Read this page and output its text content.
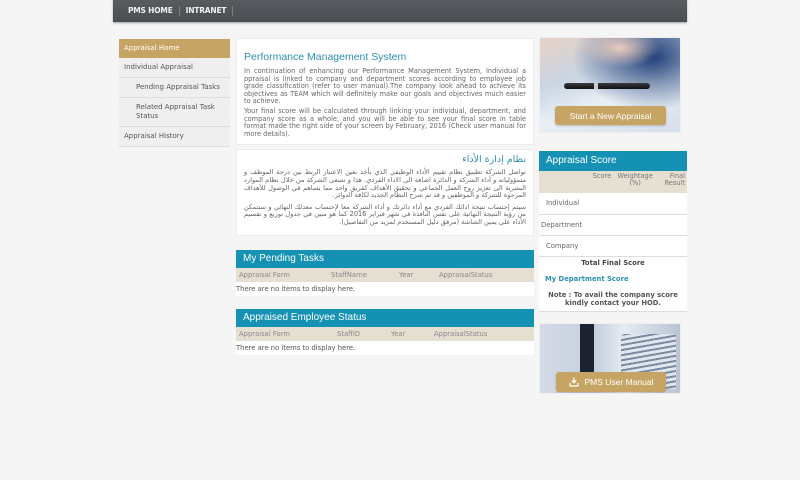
PMS HOME	INTRANET
Appraisal Home
Individual Appraisal
Pending Appraisal Tasks
Related Appraisal Task Status
Appraisal History
Performance Management System

In continuation of enhancing our Performance Management System, Individual a ppraisal is linked to company and department scores according to employee job grade classification (refer to user manual).The company look ahead to achieve its objectives as TEAM which will definitely make our goals and objectives much easier to achieve.

Your final score will be calculated through linking your individual, department, and company score as a whole, and you will be able to see your final score in table format made the right side of your screen by February, 2016 (Check user manual for more details).

نظام إدارة الأداء

تواصل الشركة تطبيق نظام تقييم الأداء الوظيفي الذي يأخذ بعين الاعتبار الربط بين درجة الموظف و مسؤولياته و أداء الشركة و الدائرة اضافة الى الاداء الفردي. هذا و تسعى الشركة من خلال نظام الموارد البشرية الى تعزيز روح العمل الجماعي و تحقيق الأهداف كفريق واحد مما يساهم في الوصول للأهداف المرجوة للشركة و الموظفين و قد تم شرح النظام الجديد لكافة الدوائر.

سيتم إحتساب نتيجة ادائك الفردي مع أداء دائرتك و أداء الشركة معا لإحتساب معدلك النهائي و ستتمكن من رؤية النتيجة النهائية على نفس النافذة في شهر فبراير 2016 كما هو مبين في جدول توزيع و تقسيم الأداء على يمين الشاشة (مرفق دليل المستخدم لمزيد من التفاصيل).

My Pending Tasks
Appraisal Form	StaffName	Year	AppraisalStatus
There are no items to display here.
Appraised Employee Status
Appraisal Form	StaffID	Year	AppraisalStatus
There are no items to display here.
Start a New Appraisal
Appraisal Score
	Score	Weightage (%)	Final Result
Individual			
Department			
Company			
Total Final Score
My Department Score
Note : To avail the company score kindly contact your HOD.
PMS User Manual
